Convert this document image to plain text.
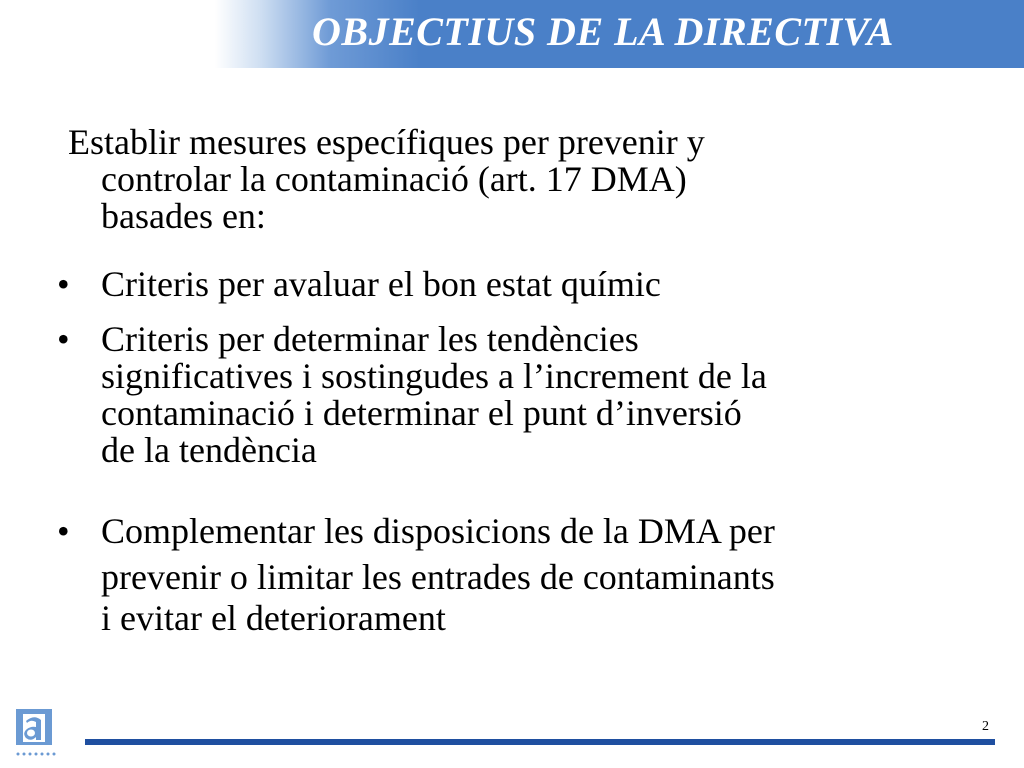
OBJECTIUS DE LA DIRECTIVA
Establir mesures específiques per prevenir y
controlar la contaminació (art. 17 DMA)
basades en:
• Criteris per avaluar el bon estat químic
• Criteris per determinar les tendències
significatives i sostingudes a l’increment de la
contaminació i determinar el punt d’inversió
de la tendència
• Complementar les disposicions de la DMA per
prevenir o limitar les entrades de contaminants
i evitar el deteriorament
2
